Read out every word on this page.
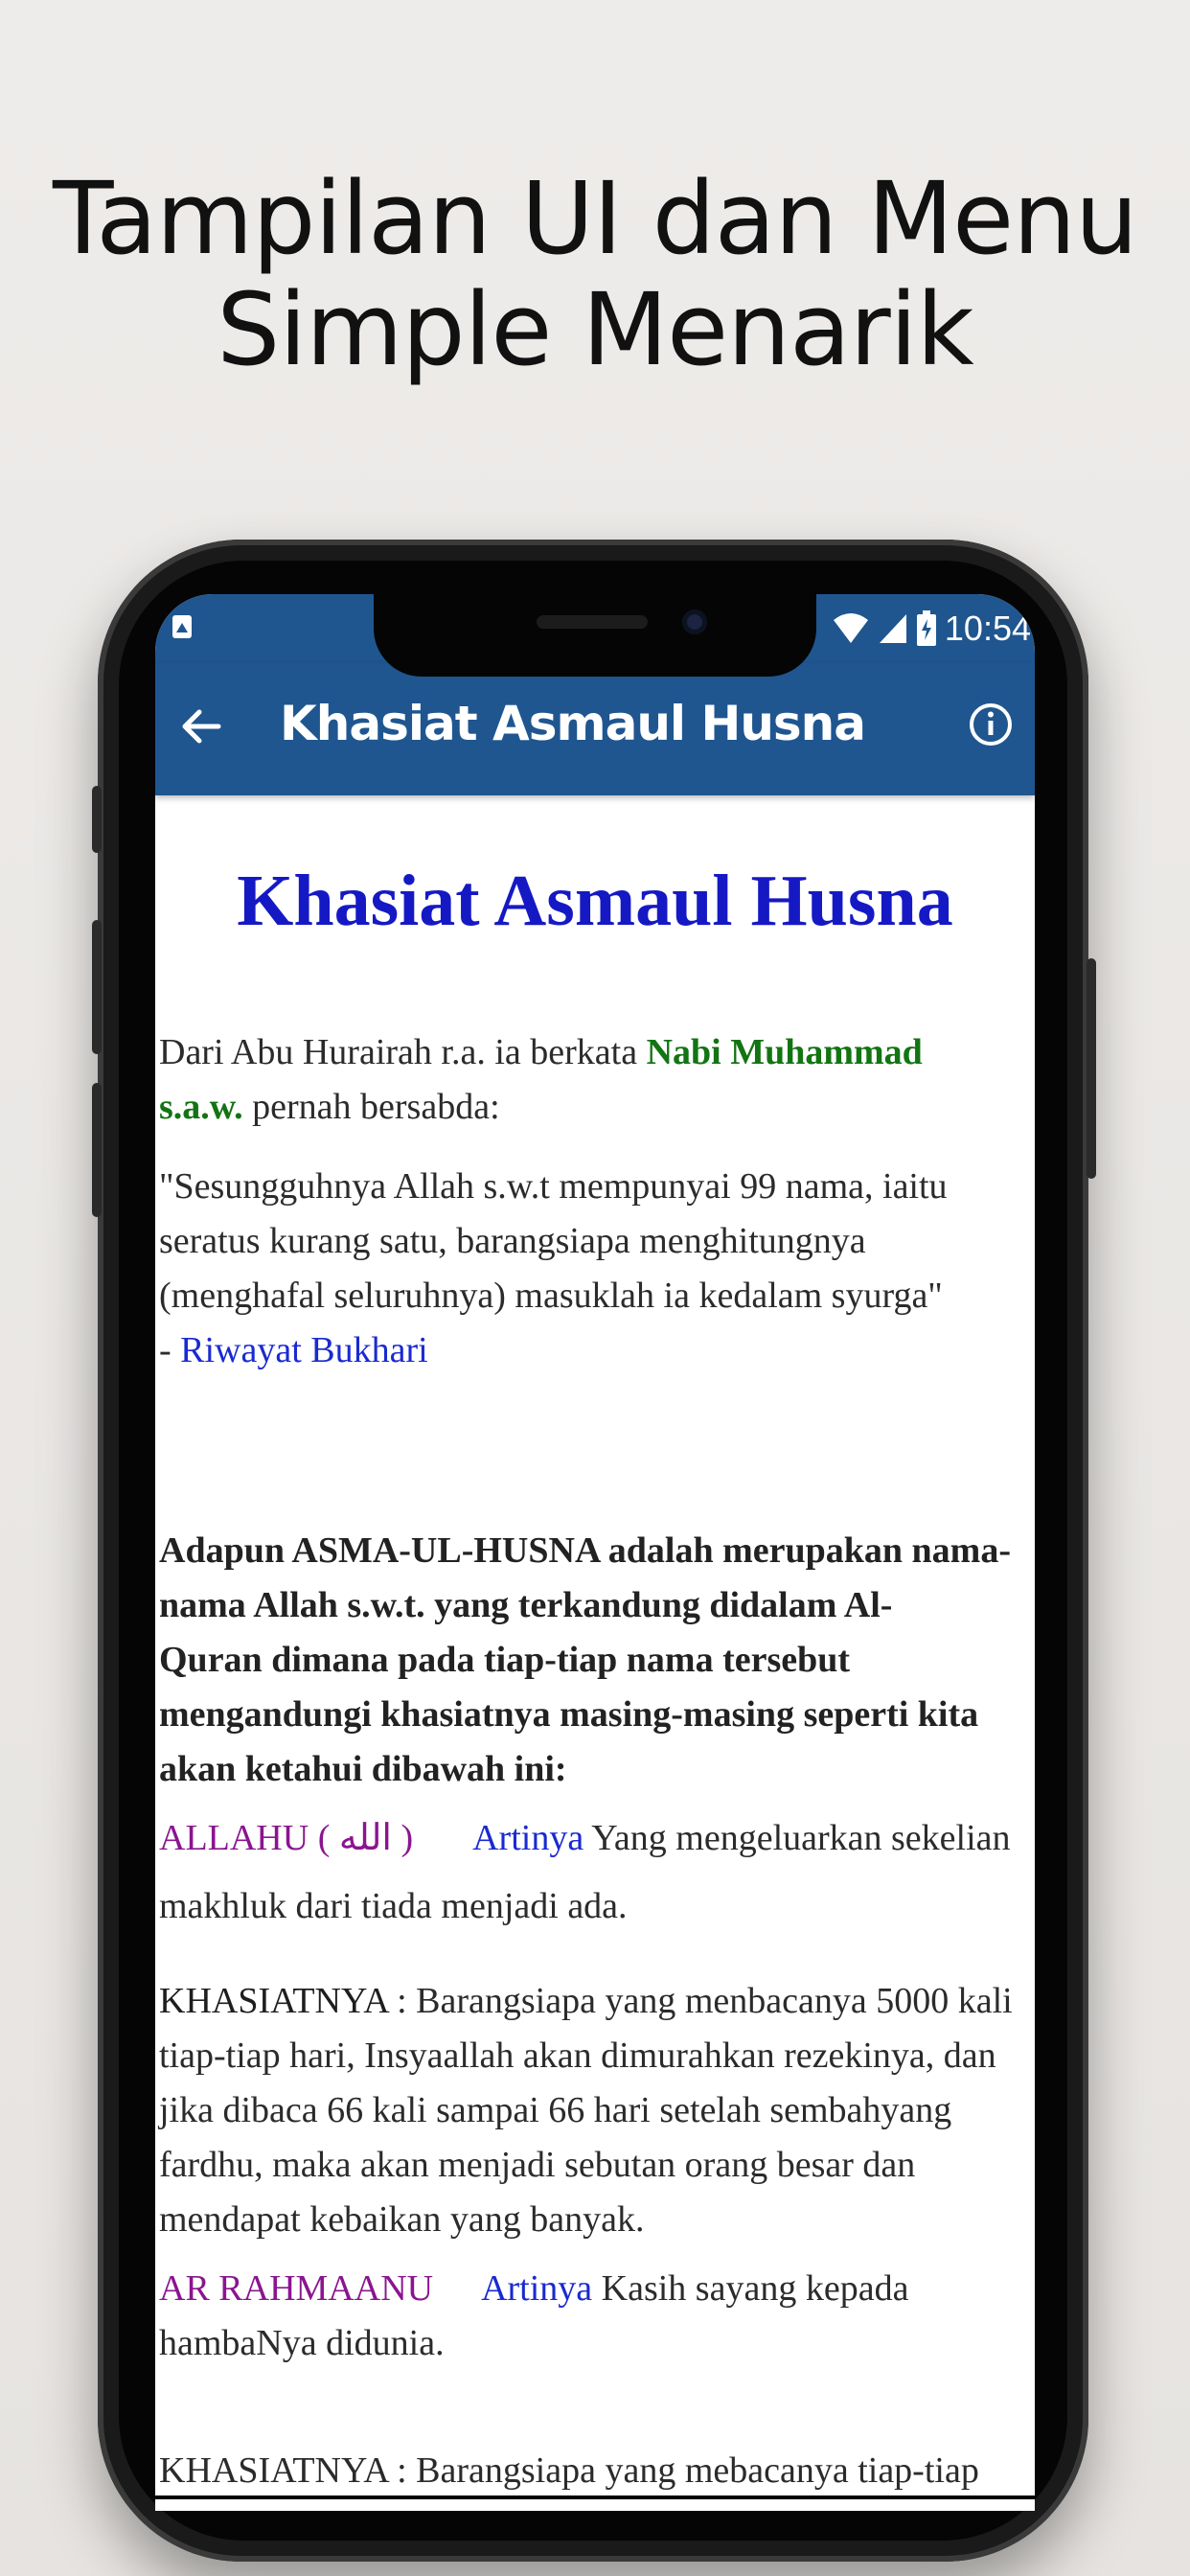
Tampilan UI dan Menu
Simple Menarik
10:54
Khasiat Asmaul Husna
Khasiat Asmaul Husna

Dari Abu Hurairah r.a. ia berkata Nabi Muhammad
s.a.w. pernah bersabda:

"Sesungguhnya Allah s.w.t mempunyai 99 nama, iaitu
seratus kurang satu, barangsiapa menghitungnya
(menghafal seluruhnya) masuklah ia kedalam syurga"
- Riwayat Bukhari

Adapun ASMA-UL-HUSNA adalah merupakan nama-
nama Allah s.w.t. yang terkandung didalam Al-
Quran dimana pada tiap-tiap nama tersebut
mengandungi khasiatnya masing-masing seperti kita
akan ketahui dibawah ini:

ALLAHU ( الله ) Artinya Yang mengeluarkan sekelian
makhluk dari tiada menjadi ada.

KHASIATNYA : Barangsiapa yang menbacanya 5000 kali
tiap-tiap hari, Insyaallah akan dimurahkan rezekinya, dan
jika dibaca 66 kali sampai 66 hari setelah sembahyang
fardhu, maka akan menjadi sebutan orang besar dan
mendapat kebaikan yang banyak.

AR RAHMAANU Artinya Kasih sayang kepada
hambaNya didunia.

KHASIATNYA : Barangsiapa yang mebacanya tiap-tiap
